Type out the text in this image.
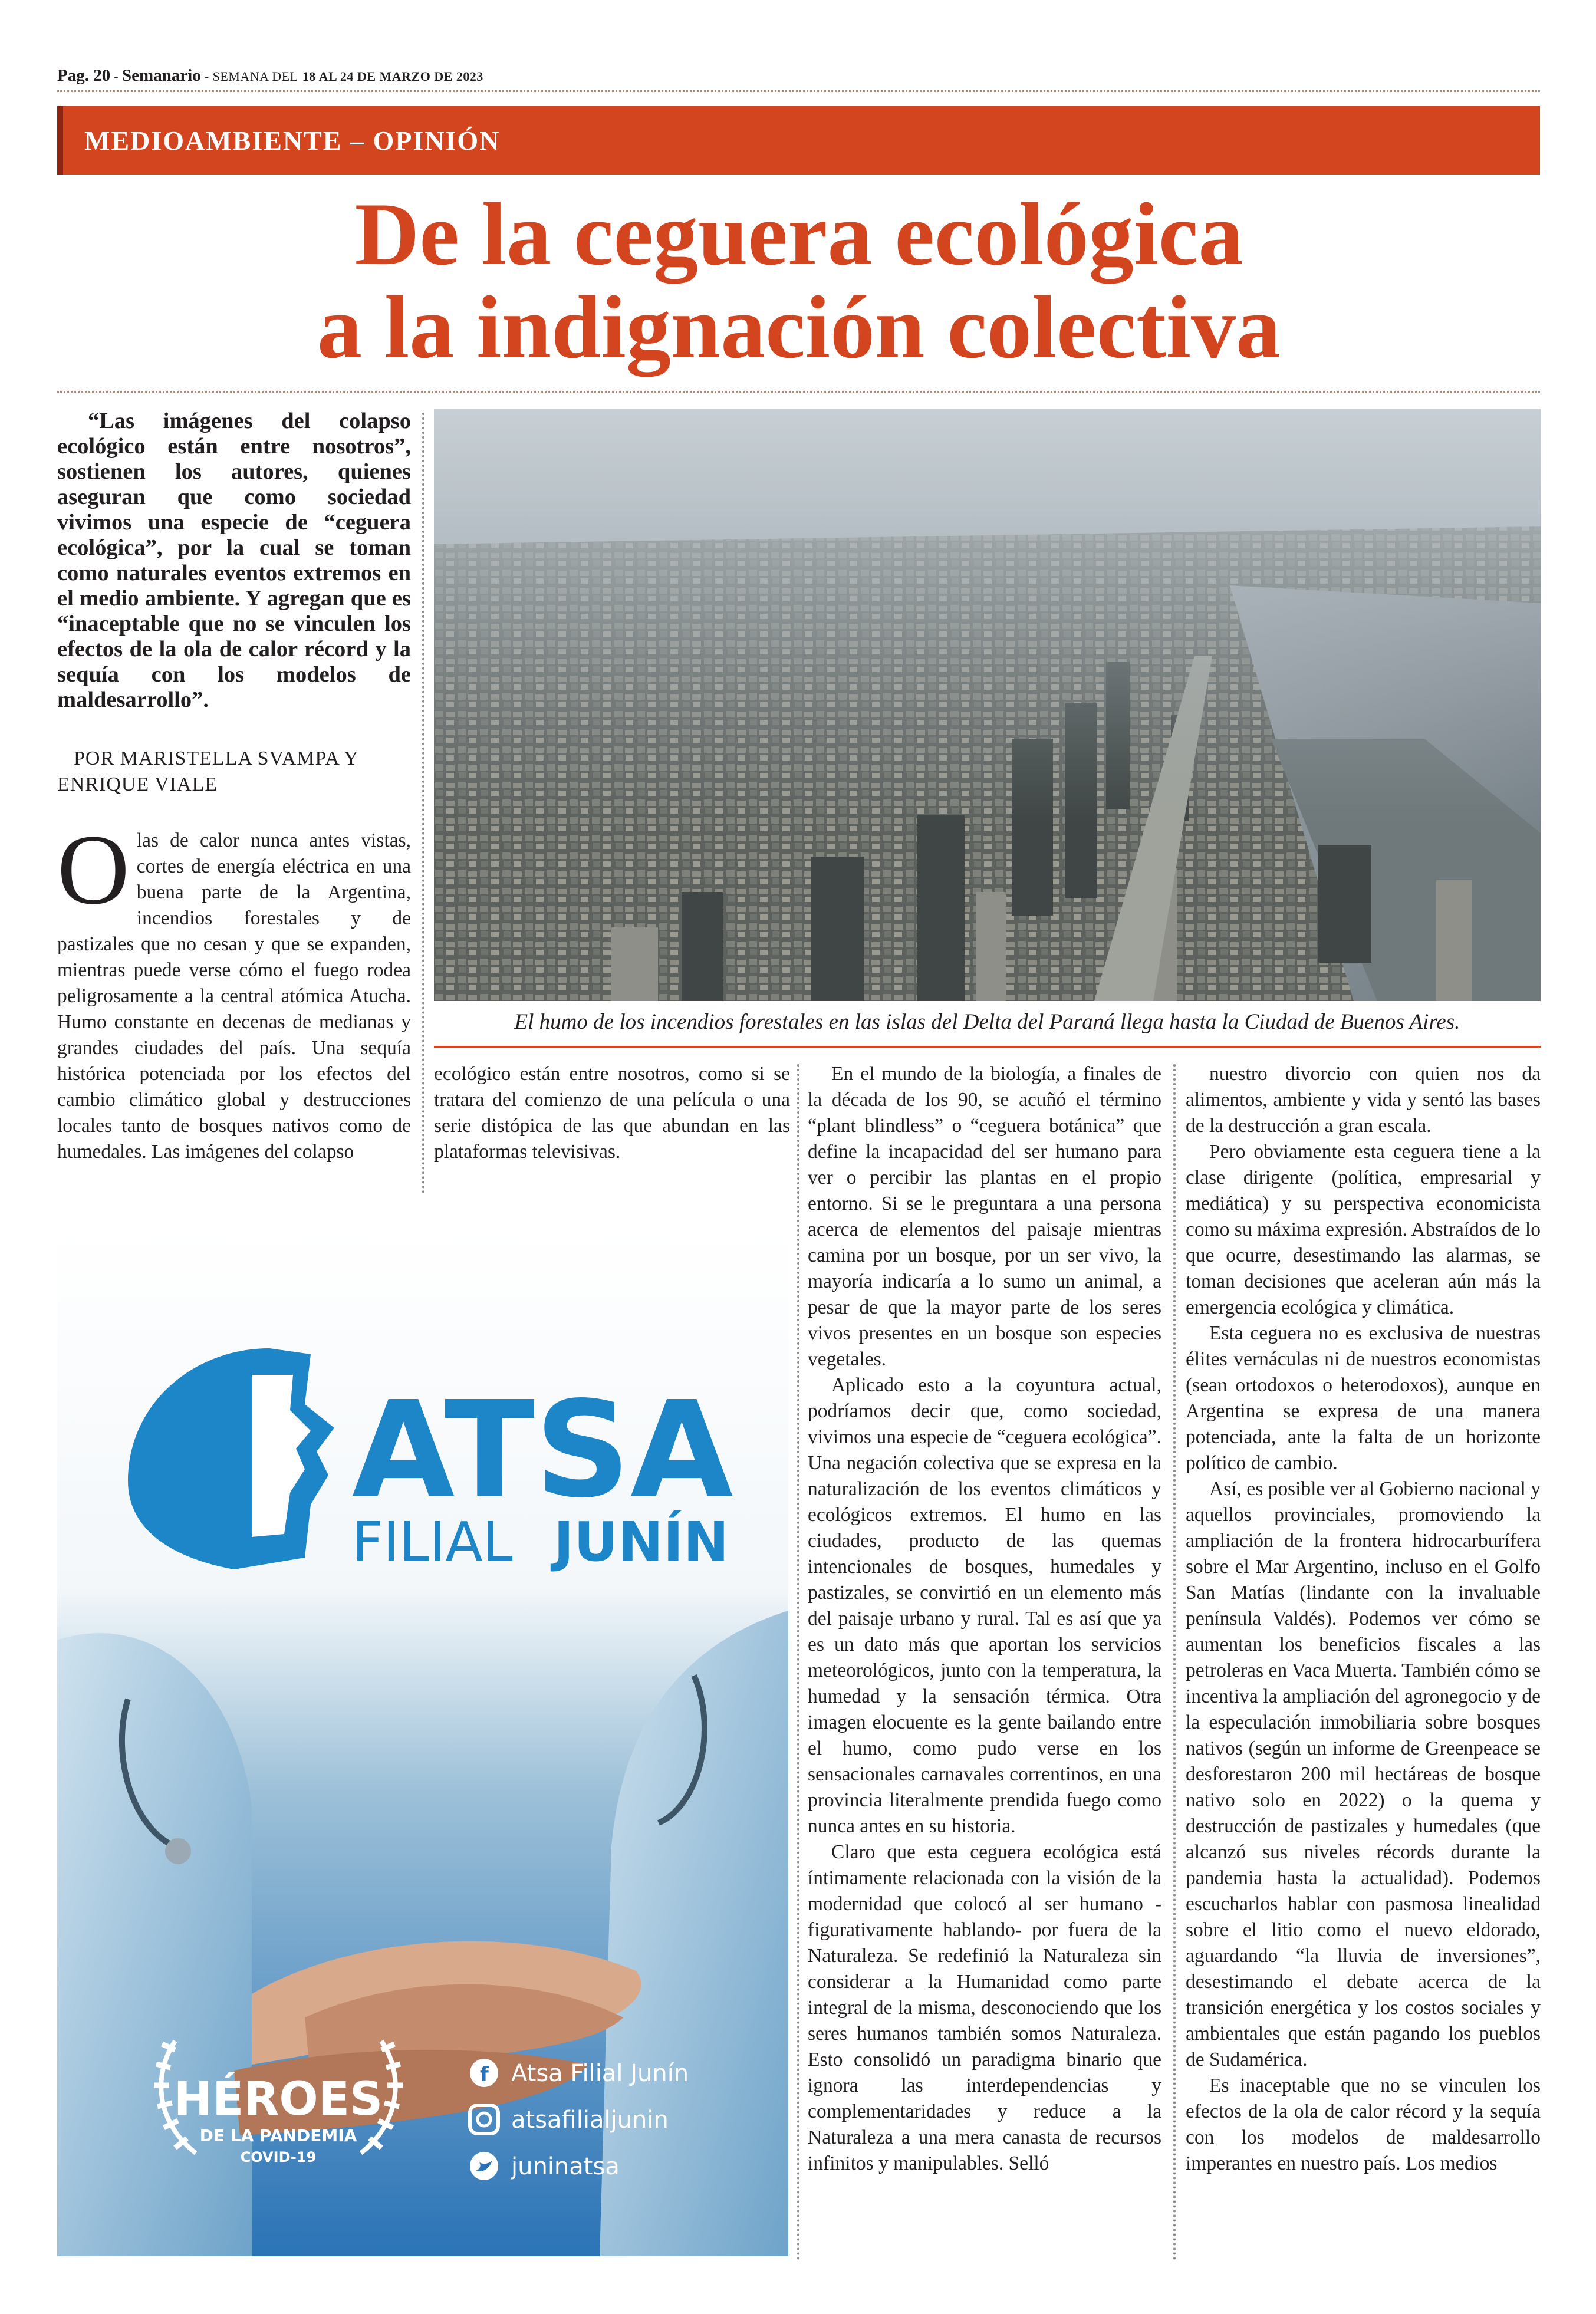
Pag. 20 - Semanario - SEMANA DEL 18 AL 24 DE MARZO DE 2023
MEDIOAMBIENTE – OPINIÓN
De la ceguera ecológica
a la indignación colectiva
“Las imágenes del colapso ecológico están entre nosotros”, sostienen los autores, quienes aseguran que como sociedad vivimos una especie de “ceguera ecológica”, por la cual se toman como naturales eventos extremos en el medio ambiente. Y agregan que es “inaceptable que no se vinculen los efectos de la ola de calor récord y la sequía con los modelos de maldesarrollo”.
POR MARISTELLA SVAMPA Y ENRIQUE VIALE
O las de calor nunca antes vistas, cortes de energía eléctrica en una buena parte de la Argentina, incendios forestales y de pastizales que no cesan y que se expanden, mientras puede verse cómo el fuego rodea peligrosamente a la central atómica Atucha. Humo constante en decenas de medianas y grandes ciudades del país. Una sequía histórica potenciada por los efectos del cambio climático global y destrucciones locales tanto de bosques nativos como de humedales. Las imágenes del colapso

El humo de los incendios forestales en las islas del Delta del Paraná llega hasta la Ciudad de Buenos Aires.

ecológico están entre nosotros, como si se tratara del comienzo de una película o una serie distópica de las que abundan en las plataformas televisivas.

En el mundo de la biología, a finales de la década de los 90, se acuñó el término “plant blindless” o “ceguera botánica” que define la incapacidad del ser humano para ver o percibir las plantas en el propio entorno. Si se le preguntara a una persona acerca de elementos del paisaje mientras camina por un bosque, por un ser vivo, la mayoría indicaría a lo sumo un animal, a pesar de que la mayor parte de los seres vivos presentes en un bosque son especies vegetales.

Aplicado esto a la coyuntura actual, podríamos decir que, como sociedad, vivimos una especie de “ceguera ecológica”. Una negación colectiva que se expresa en la naturalización de los eventos climáticos y ecológicos extremos. El humo en las ciudades, producto de las quemas intencionales de bosques, humedales y pastizales, se convirtió en un elemento más del paisaje urbano y rural. Tal es así que ya es un dato más que aportan los servicios meteorológicos, junto con la temperatura, la humedad y la sensación térmica. Otra imagen elocuente es la gente bailando entre el humo, como pudo verse en los sensacionales carnavales correntinos, en una provincia literalmente prendida fuego como nunca antes en su historia.

Claro que esta ceguera ecológica está íntimamente relacionada con la visión de la modernidad que colocó al ser humano -figurativamente hablando- por fuera de la Naturaleza. Se redefinió la Naturaleza sin considerar a la Humanidad como parte integral de la misma, desconociendo que los seres humanos también somos Naturaleza. Esto consolidó un paradigma binario que ignora las interdependencias y complementaridades y reduce a la Naturaleza a una mera canasta de recursos infinitos y manipulables. Selló

nuestro divorcio con quien nos da alimentos, ambiente y vida y sentó las bases de la destrucción a gran escala.

Pero obviamente esta ceguera tiene a la clase dirigente (política, empresarial y mediática) y su perspectiva economicista como su máxima expresión. Abstraídos de lo que ocurre, desestimando las alarmas, se toman decisiones que aceleran aún más la emergencia ecológica y climática.

Esta ceguera no es exclusiva de nuestras élites vernáculas ni de nuestros economistas (sean ortodoxos o heterodoxos), aunque en Argentina se expresa de una manera potenciada, ante la falta de un horizonte político de cambio.

Así, es posible ver al Gobierno nacional y aquellos provinciales, promoviendo la ampliación de la frontera hidrocarburífera sobre el Mar Argentino, incluso en el Golfo San Matías (lindante con la invaluable península Valdés). Podemos ver cómo se aumentan los beneficios fiscales a las petroleras en Vaca Muerta. También cómo se incentiva la ampliación del agronegocio y de la especulación inmobiliaria sobre bosques nativos (según un informe de Greenpeace se desforestaron 200 mil hectáreas de bosque nativo solo en 2022) o la quema y destrucción de pastizales y humedales (que alcanzó sus niveles récords durante la pandemia hasta la actualidad). Podemos escucharlos hablar con pasmosa linealidad sobre el litio como el nuevo eldorado, aguardando “la lluvia de inversiones”, desestimando el debate acerca de la transición energética y los costos sociales y ambientales que están pagando los pueblos de Sudamérica.

Es inaceptable que no se vinculen los efectos de la ola de calor récord y la sequía con los modelos de maldesarrollo imperantes en nuestro país. Los medios

ATSA
FILIAL JUNÍN
HÉROES
DE LA PANDEMIA
COVID-19
f Atsa Filial Junín
atsafilialjunin
juninatsa
